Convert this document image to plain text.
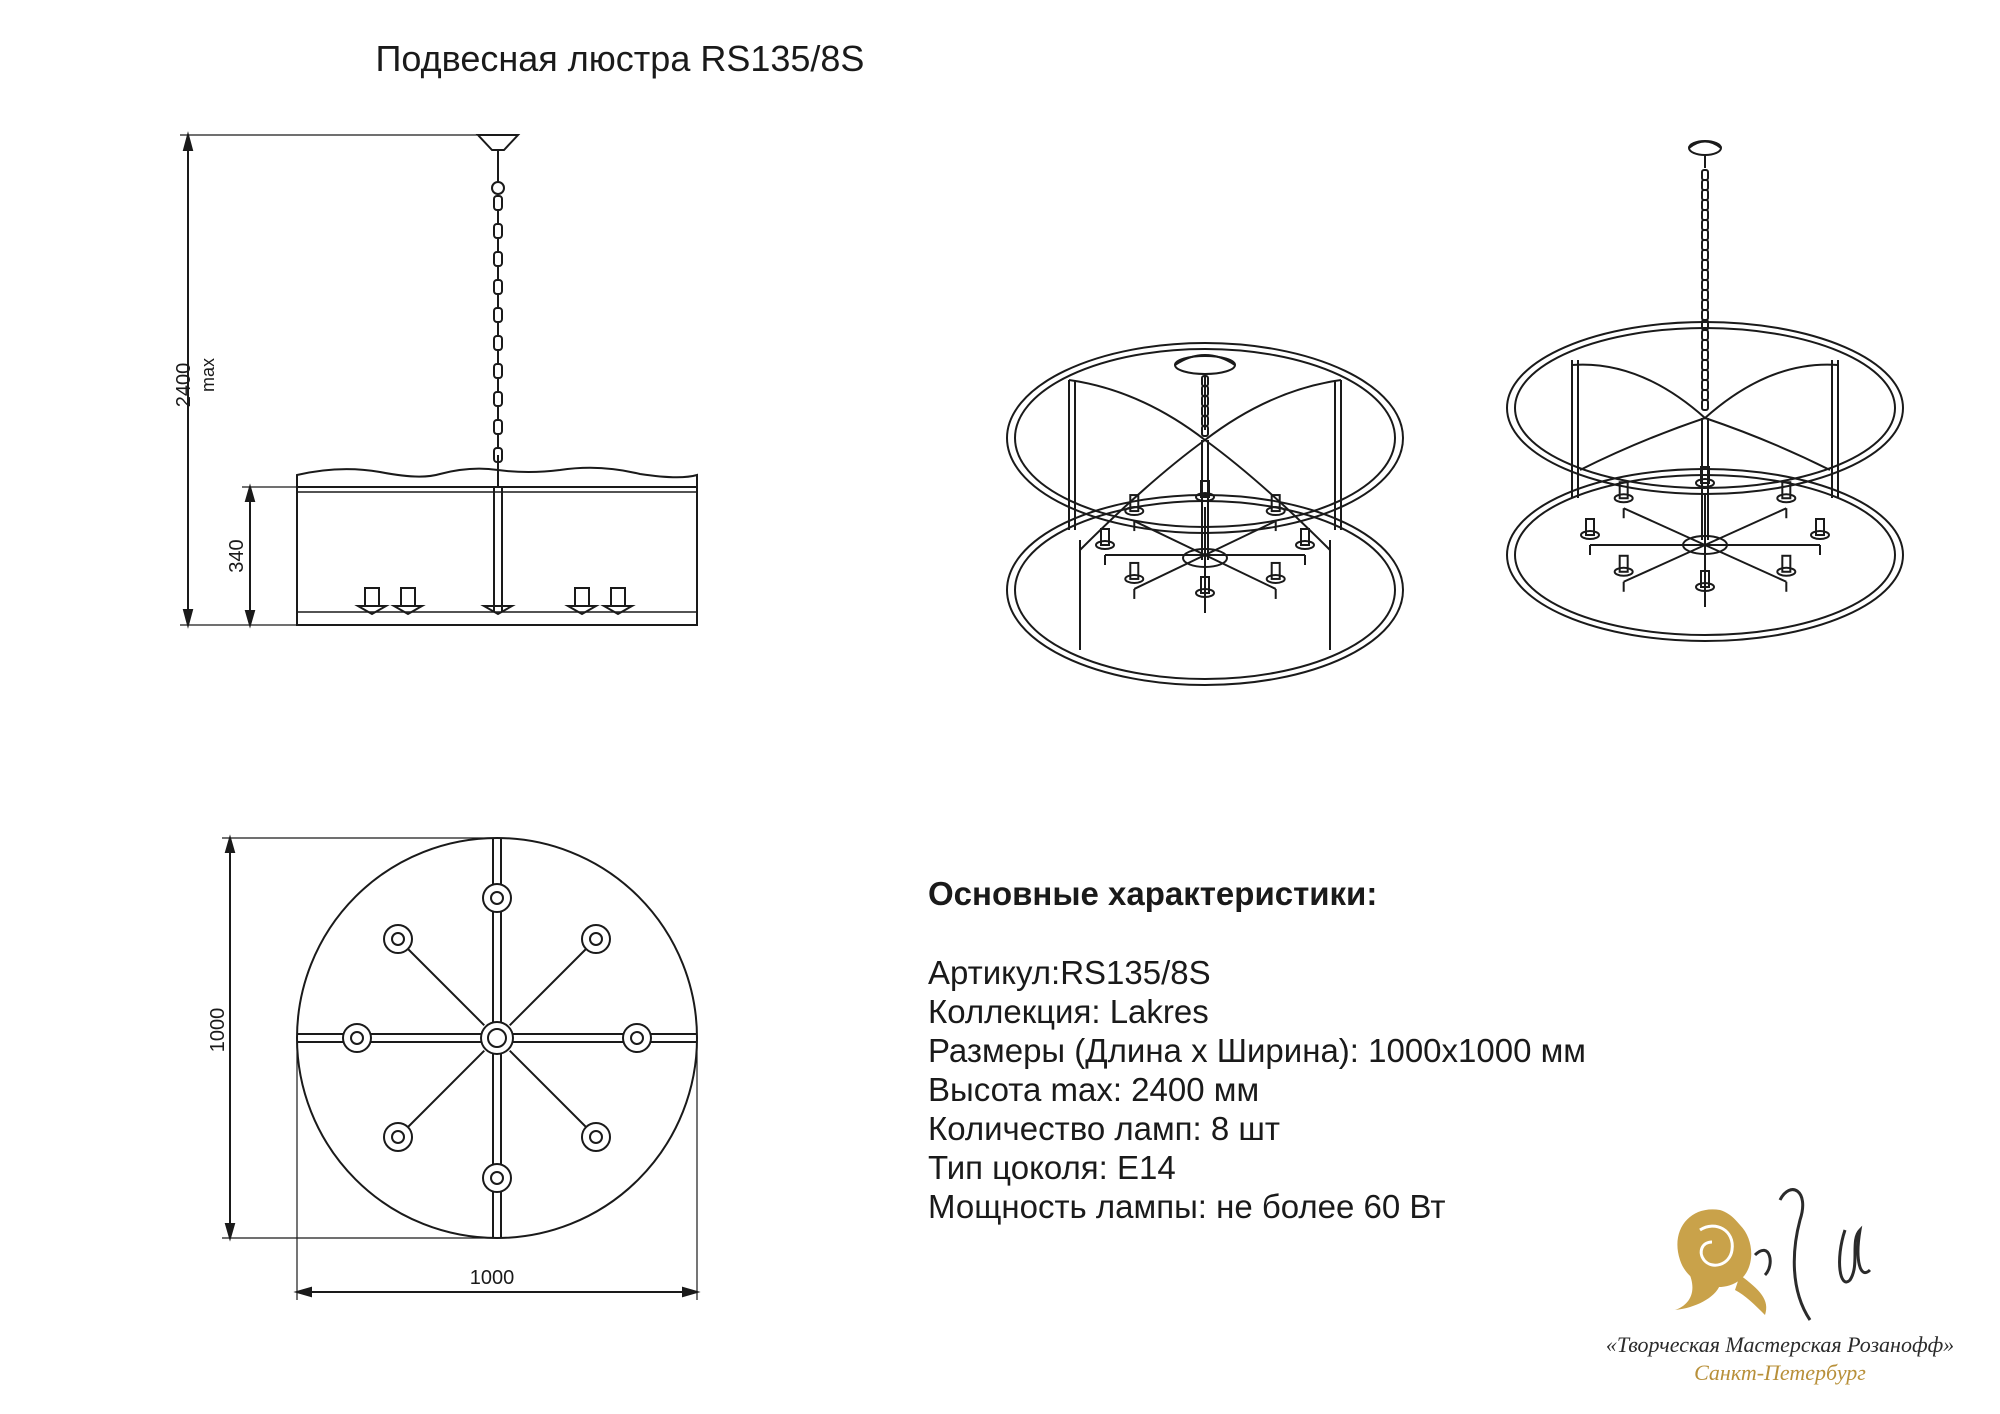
Подвесная люстра RS135/8S
2400 max
340
1000
1000
Основные характеристики:
Артикул:RS135/8S
Коллекция: Lakres
Размеры (Длина х Ширина): 1000х1000 мм
Высота max: 2400 мм
Количество ламп: 8 шт
Тип цоколя: E14
Мощность лампы: не более 60 Вт
«Творческая Мастерская Розанофф»
Санкт-Петербург
